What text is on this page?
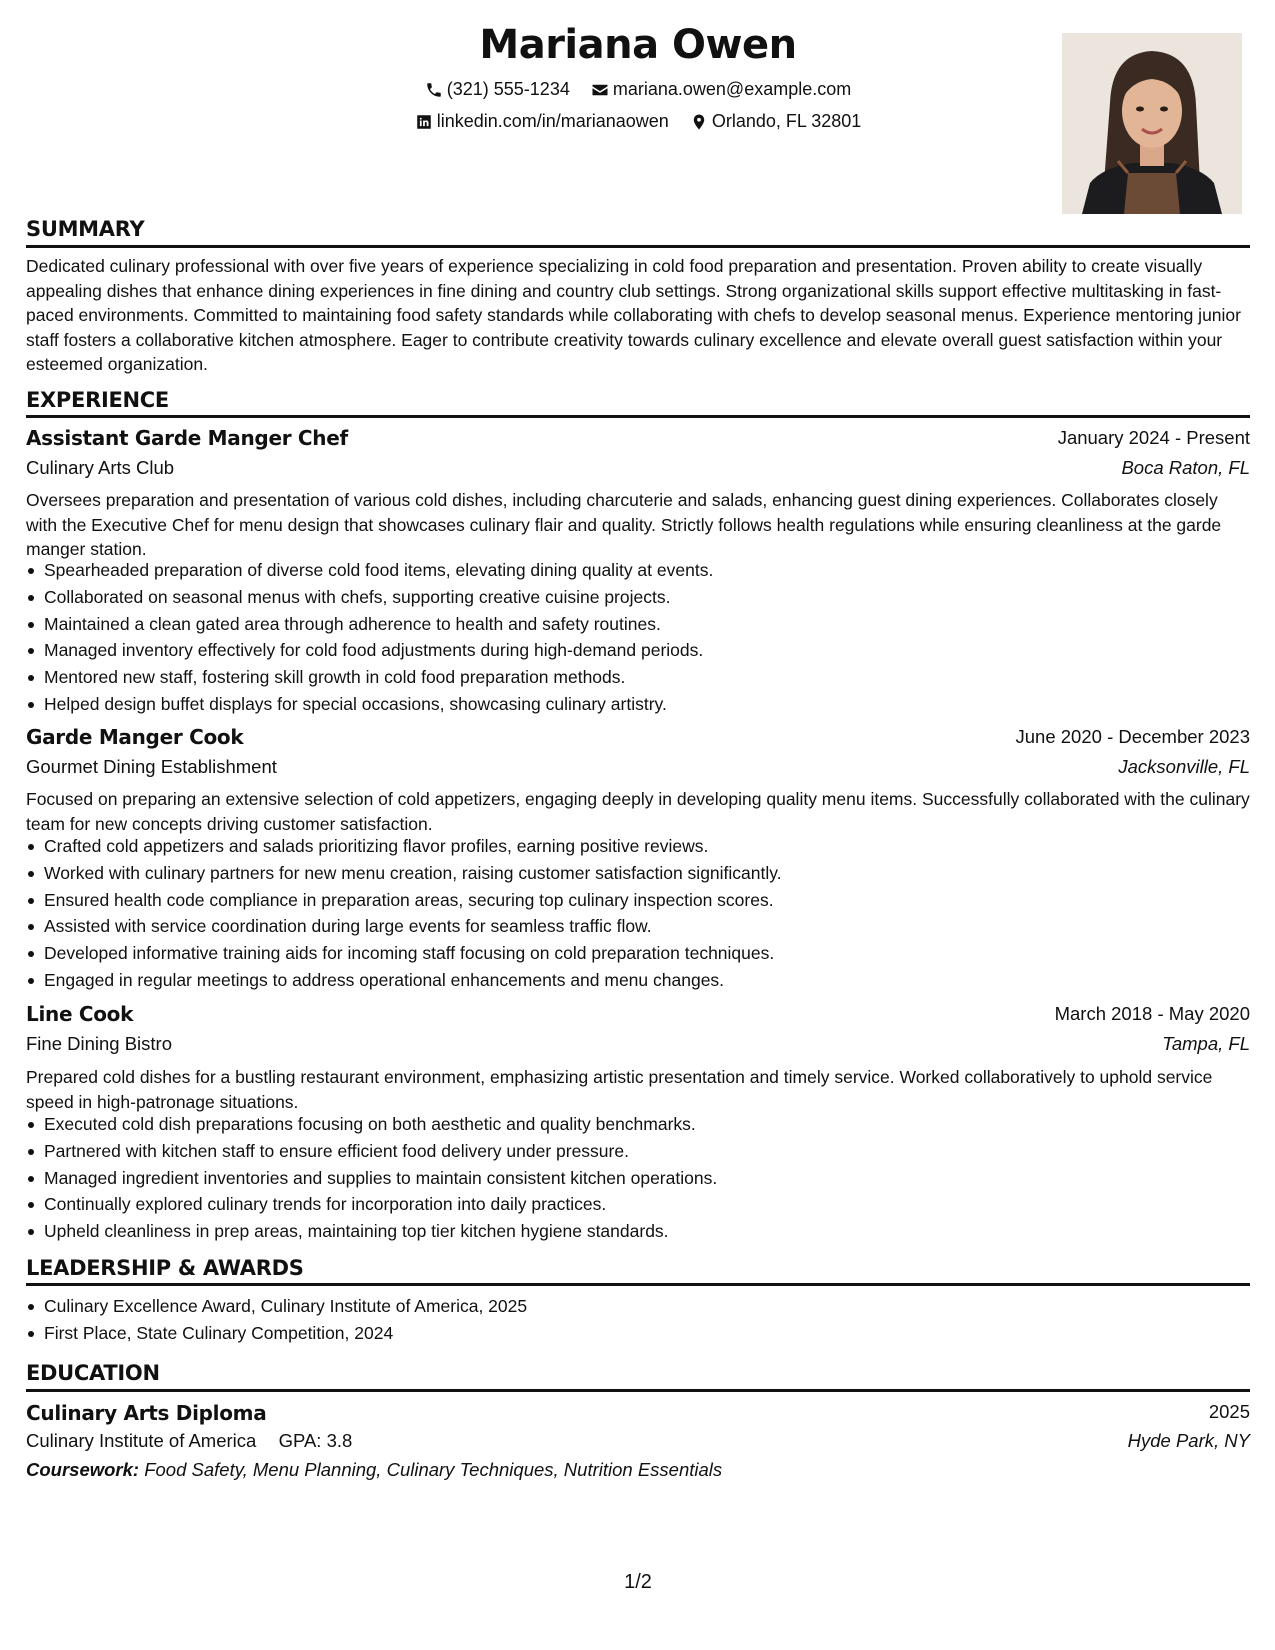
Mariana Owen
(321) 555-1234
mariana.owen@example.com
linkedin.com/in/marianaowen
Orlando, FL 32801
SUMMARY
Dedicated culinary professional with over five years of experience specializing in cold food preparation and presentation. Proven ability to create visually appealing dishes that enhance dining experiences in fine dining and country club settings. Strong organizational skills support effective multitasking in fast-paced environments. Committed to maintaining food safety standards while collaborating with chefs to develop seasonal menus. Experience mentoring junior staff fosters a collaborative kitchen atmosphere. Eager to contribute creativity towards culinary excellence and elevate overall guest satisfaction within your esteemed organization.
EXPERIENCE
Assistant Garde Manger Chef	January 2024 - Present
Culinary Arts Club	Boca Raton, FL
Oversees preparation and presentation of various cold dishes, including charcuterie and salads, enhancing guest dining experiences. Collaborates closely with the Executive Chef for menu design that showcases culinary flair and quality. Strictly follows health regulations while ensuring cleanliness at the garde manger station.
Spearheaded preparation of diverse cold food items, elevating dining quality at events.
Collaborated on seasonal menus with chefs, supporting creative cuisine projects.
Maintained a clean gated area through adherence to health and safety routines.
Managed inventory effectively for cold food adjustments during high-demand periods.
Mentored new staff, fostering skill growth in cold food preparation methods.
Helped design buffet displays for special occasions, showcasing culinary artistry.
Garde Manger Cook	June 2020 - December 2023
Gourmet Dining Establishment	Jacksonville, FL
Focused on preparing an extensive selection of cold appetizers, engaging deeply in developing quality menu items. Successfully collaborated with the culinary team for new concepts driving customer satisfaction.
Crafted cold appetizers and salads prioritizing flavor profiles, earning positive reviews.
Worked with culinary partners for new menu creation, raising customer satisfaction significantly.
Ensured health code compliance in preparation areas, securing top culinary inspection scores.
Assisted with service coordination during large events for seamless traffic flow.
Developed informative training aids for incoming staff focusing on cold preparation techniques.
Engaged in regular meetings to address operational enhancements and menu changes.
Line Cook	March 2018 - May 2020
Fine Dining Bistro	Tampa, FL
Prepared cold dishes for a bustling restaurant environment, emphasizing artistic presentation and timely service. Worked collaboratively to uphold service speed in high-patronage situations.
Executed cold dish preparations focusing on both aesthetic and quality benchmarks.
Partnered with kitchen staff to ensure efficient food delivery under pressure.
Managed ingredient inventories and supplies to maintain consistent kitchen operations.
Continually explored culinary trends for incorporation into daily practices.
Upheld cleanliness in prep areas, maintaining top tier kitchen hygiene standards.
LEADERSHIP & AWARDS
Culinary Excellence Award, Culinary Institute of America, 2025
First Place, State Culinary Competition, 2024
EDUCATION
Culinary Arts Diploma	2025
Culinary Institute of America GPA: 3.8	Hyde Park, NY
Coursework: Food Safety, Menu Planning, Culinary Techniques, Nutrition Essentials
1/2
